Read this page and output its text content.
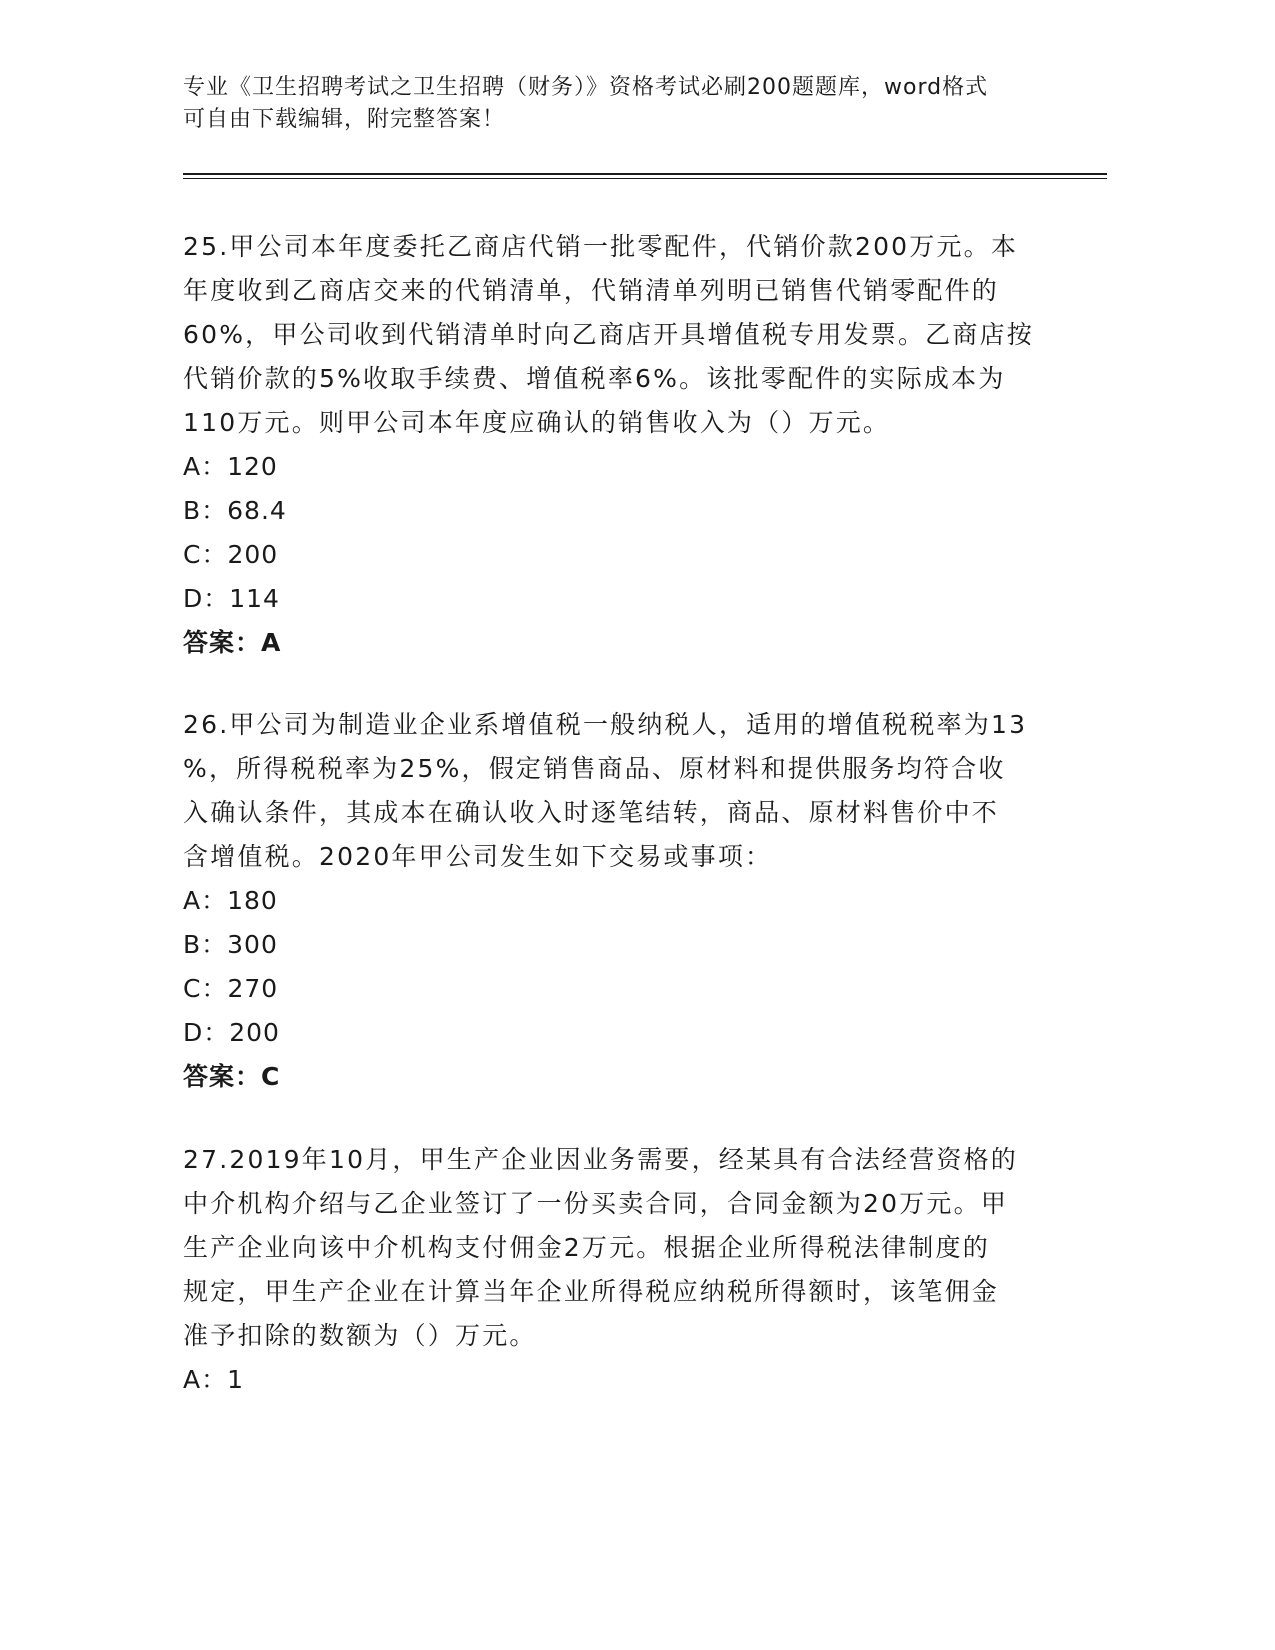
专业《卫生招聘考试之卫生招聘（财务）》资格考试必刷200题题库，word格式
可自由下载编辑，附完整答案！
25.甲公司本年度委托乙商店代销一批零配件，代销价款200万元。本
年度收到乙商店交来的代销清单，代销清单列明已销售代销零配件的
60%，甲公司收到代销清单时向乙商店开具增值税专用发票。乙商店按
代销价款的5%收取手续费、增值税率6%。该批零配件的实际成本为
110万元。则甲公司本年度应确认的销售收入为（）万元。
A：120
B：68.4
C：200
D：114
答案：A
26.甲公司为制造业企业系增值税一般纳税人，适用的增值税税率为13
%，所得税税率为25%，假定销售商品、原材料和提供服务均符合收
入确认条件，其成本在确认收入时逐笔结转，商品、原材料售价中不
含增值税。2020年甲公司发生如下交易或事项：
A：180
B：300
C：270
D：200
答案：C
27.2019年10月，甲生产企业因业务需要，经某具有合法经营资格的
中介机构介绍与乙企业签订了一份买卖合同，合同金额为20万元。甲
生产企业向该中介机构支付佣金2万元。根据企业所得税法律制度的
规定，甲生产企业在计算当年企业所得税应纳税所得额时，该笔佣金
准予扣除的数额为（）万元。
A：1
